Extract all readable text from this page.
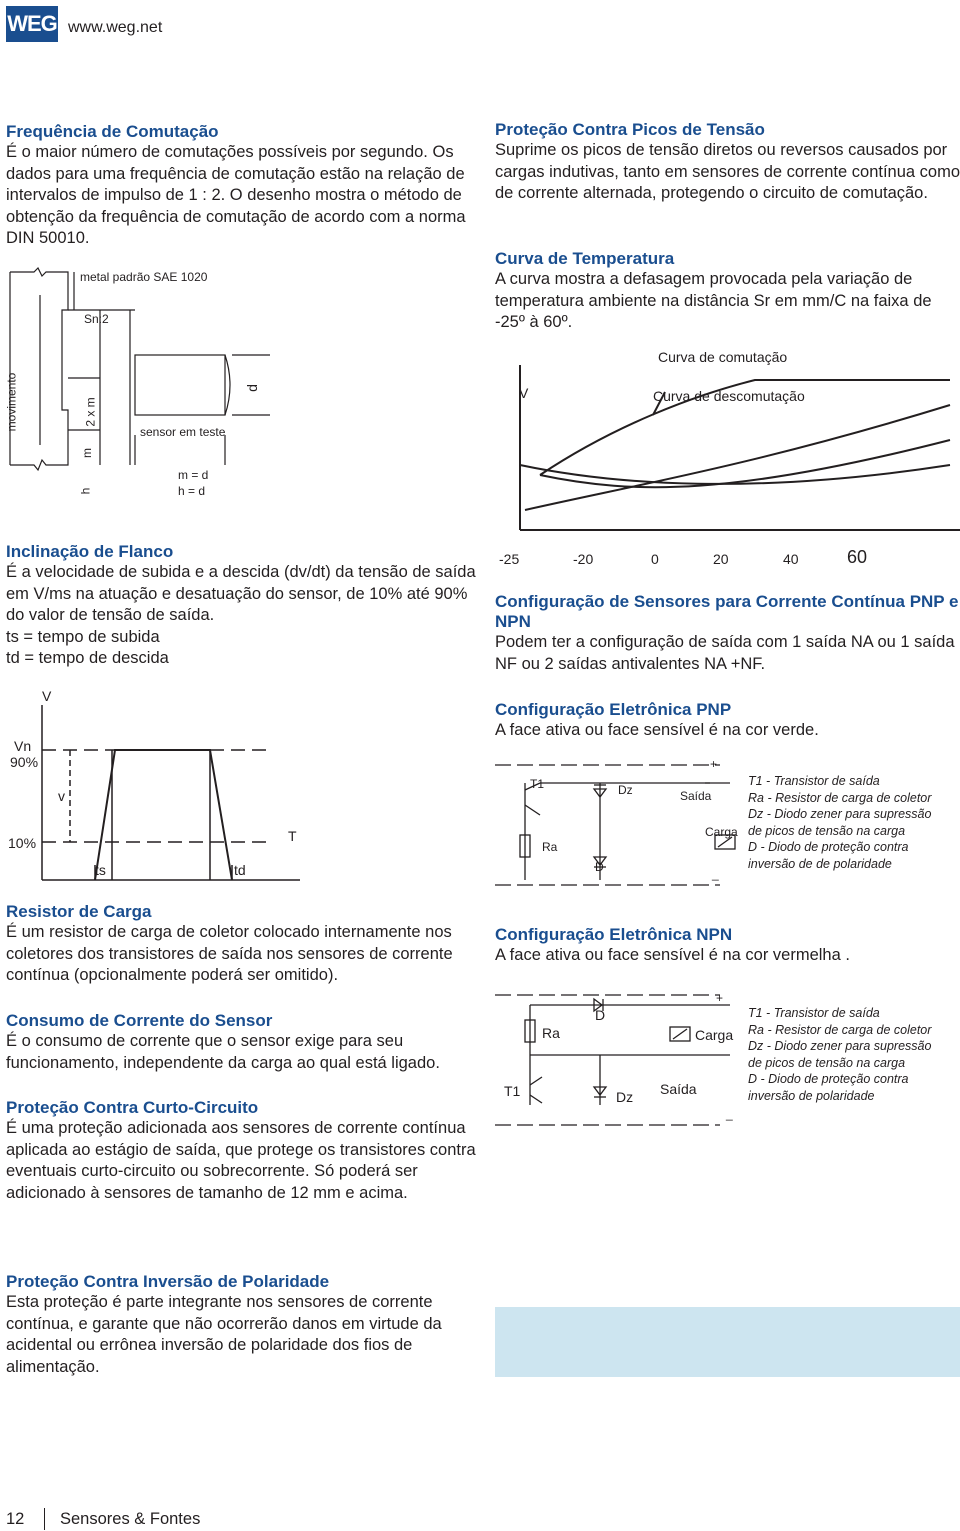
WEG www.weg.net

Frequência de Comutação

É o maior número de comutações possíveis por segundo. Os dados para uma frequência de comutação estão na relação de intervalos de impulso de 1 : 2. O desenho mostra o método de obtenção da frequência de comutação de acordo com a norma DIN 50010.

metal padrão SAE 1020
Sn:2
movimento	2 x m
m
h
d
sensor em teste
m = d
h = d

Proteção Contra Picos de Tensão

Suprime os picos de tensão diretos ou reversos causados por cargas indutivas, tanto em sensores de corrente contínua como de corrente alternada, protegendo o circuito de comutação.

Curva de Temperatura

A curva mostra a defasagem provocada pela variação de temperatura ambiente na distância Sr em mm/C na faixa de -25º à 60º.

Curva de comutação
Curva de descomutação
V
-25	-20	0	20	40	60

Inclinação de Flanco

É a velocidade de subida e a descida (dv/dt) da tensão de saída em V/ms na atuação e desatuação do sensor, de 10% até 90% do valor de tensão de saída.

ts = tempo de subida

td = tempo de descida

V
Vn
90%
10%
v
T
ts	td

Configuração de Sensores para Corrente Contínua PNP e NPN

Podem ter a configuração de saída com 1 saída NA ou 1 saída NF ou 2 saídas antivalentes NA +NF.

Configuração Eletrônica PNP

A face ativa ou face sensível é na cor verde.

T1	Dz
Ra
D
Saída
Carga
+
_
T1 - Transistor de saída
Ra - Resistor de carga de coletor
Dz - Diodo zener para supressão
de picos de tensão na carga
D - Diodo de proteção contra
inversão de de polaridade

Configuração Eletrônica NPN

A face ativa ou face sensível é na cor vermelha .

Ra
D
T1	Dz Saída
Carga
+
_
T1 - Transistor de saída
Ra - Resistor de carga de coletor
Dz - Diodo zener para supressão
de picos de tensão na carga
D - Diodo de proteção contra
inversão de polaridade

Resistor de Carga

É um resistor de carga de coletor colocado internamente nos coletores dos transistores de saída nos sensores de corrente contínua (opcionalmente poderá ser omitido).

Consumo de Corrente do Sensor

É o consumo de corrente que o sensor exige para seu funcionamento, independente da carga ao qual está ligado.

Proteção Contra Curto-Circuito

É uma proteção adicionada aos sensores de corrente contínua aplicada ao estágio de saída, que protege os transistores contra eventuais curto-circuito ou sobrecorrente. Só poderá ser adicionado à sensores de tamanho de 12 mm e acima.

Proteção Contra Inversão de Polaridade

Esta proteção é parte integrante nos sensores de corrente contínua, e garante que não ocorrerão danos em virtude da acidental ou errônea inversão de polaridade dos fios de alimentação.

12 Sensores & Fontes
